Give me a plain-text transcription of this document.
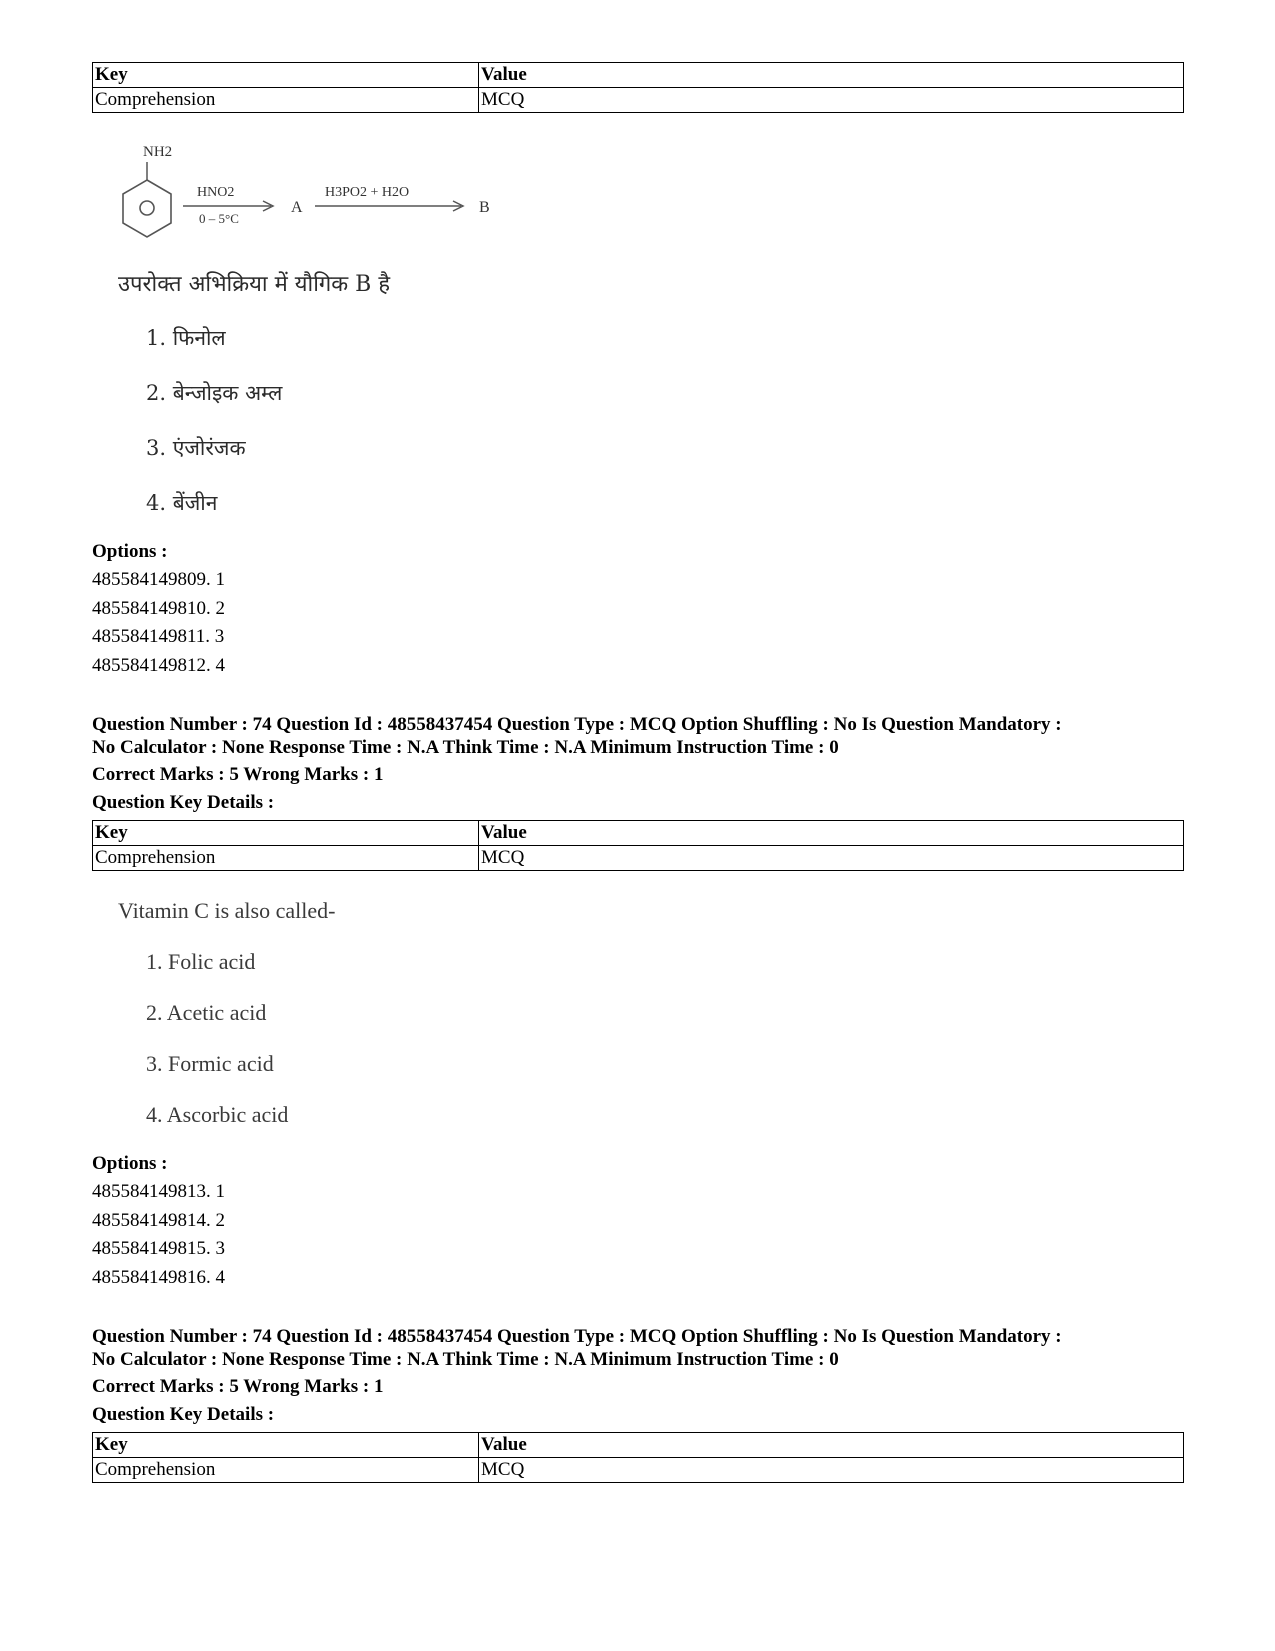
Key	Value
Comprehension	MCQ
NH2
HNO2
0 – 5°C
A
H3PO2 + H2O
B
उपरोक्त अभिक्रिया में यौगिक B है
1. फिनोल
2. बेन्जोइक अम्ल
3. एंजोरंजक
4. बेंजीन
Options :
485584149809. 1
485584149810. 2
485584149811. 3
485584149812. 4
Question Number : 74 Question Id : 48558437454 Question Type : MCQ Option Shuffling : No Is Question Mandatory :
No Calculator : None Response Time : N.A Think Time : N.A Minimum Instruction Time : 0
Correct Marks : 5 Wrong Marks : 1
Question Key Details :
Key	Value
Comprehension	MCQ
Vitamin C is also called-
1. Folic acid
2. Acetic acid
3. Formic acid
4. Ascorbic acid
Options :
485584149813. 1
485584149814. 2
485584149815. 3
485584149816. 4
Question Number : 74 Question Id : 48558437454 Question Type : MCQ Option Shuffling : No Is Question Mandatory :
No Calculator : None Response Time : N.A Think Time : N.A Minimum Instruction Time : 0
Correct Marks : 5 Wrong Marks : 1
Question Key Details :
Key	Value
Comprehension	MCQ
